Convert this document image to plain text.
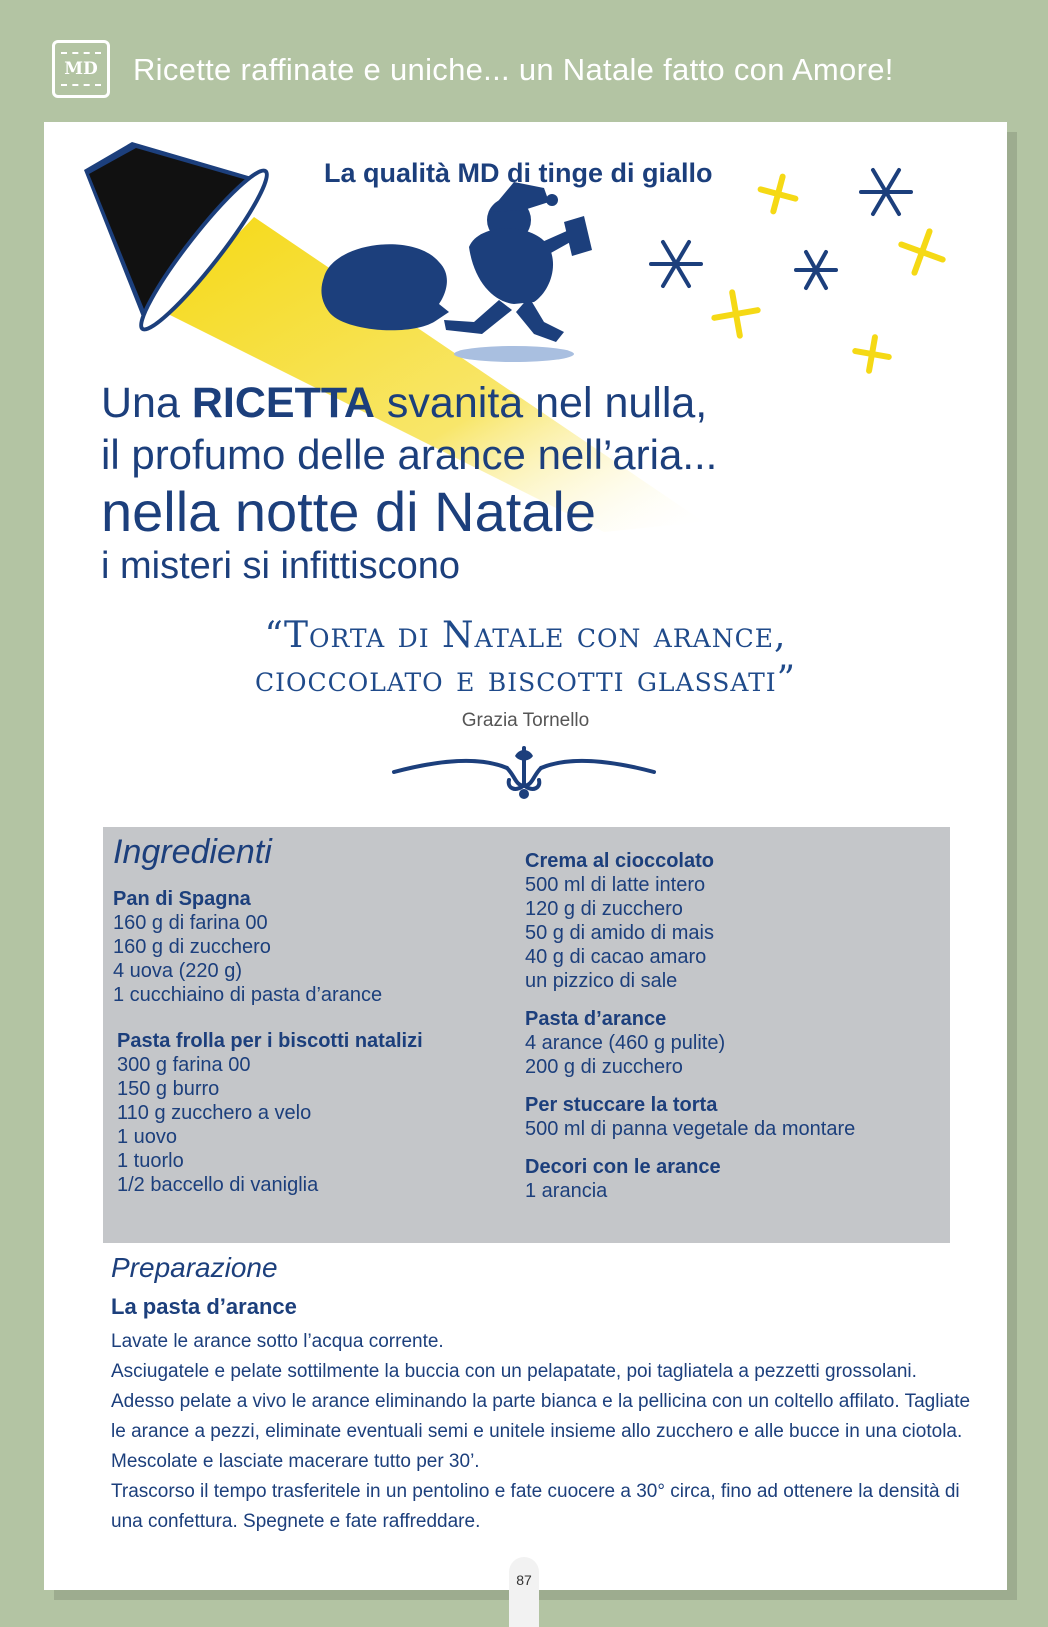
MD Ricette raffinate e uniche... un Natale fatto con Amore!
La qualità MD di tinge di giallo
Una RICETTA svanita nel nulla,
il profumo delle arance nell’aria...
nella notte di Natale
i misteri si infittiscono
“Torta di Natale con arance,
cioccolato e biscotti glassati”
Grazia Tornello
Ingredienti
Pan di Spagna
160 g di farina 00
160 g di zucchero
4 uova (220 g)
1 cucchiaino di pasta d’arance
Pasta frolla per i biscotti natalizi
300 g farina 00
150 g burro
110 g zucchero a velo
1 uovo
1 tuorlo
1/2 baccello di vaniglia
Crema al cioccolato
500 ml di latte intero
120 g di zucchero
50 g di amido di mais
40 g di cacao amaro
un pizzico di sale
Pasta d’arance
4 arance (460 g pulite)
200 g di zucchero
Per stuccare la torta
500 ml di panna vegetale da montare
Decori con le arance
1 arancia
Preparazione
La pasta d’arance

Lavate le arance sotto l’acqua corrente.

Asciugatele e pelate sottilmente la buccia con un pelapatate, poi tagliatela a pezzetti grossolani. Adesso pelate a vivo le arance eliminando la parte bianca e la pellicina con un coltello affilato. Tagliate le arance a pezzi, eliminate eventuali semi e unitele insieme allo zucchero e alle bucce in una ciotola. Mescolate e lasciate macerare tutto per 30’.

Trascorso il tempo trasferitele in un pentolino e fate cuocere a 30° circa, fino ad ottenere la densità di una confettura. Spegnete e fate raffreddare.

87
